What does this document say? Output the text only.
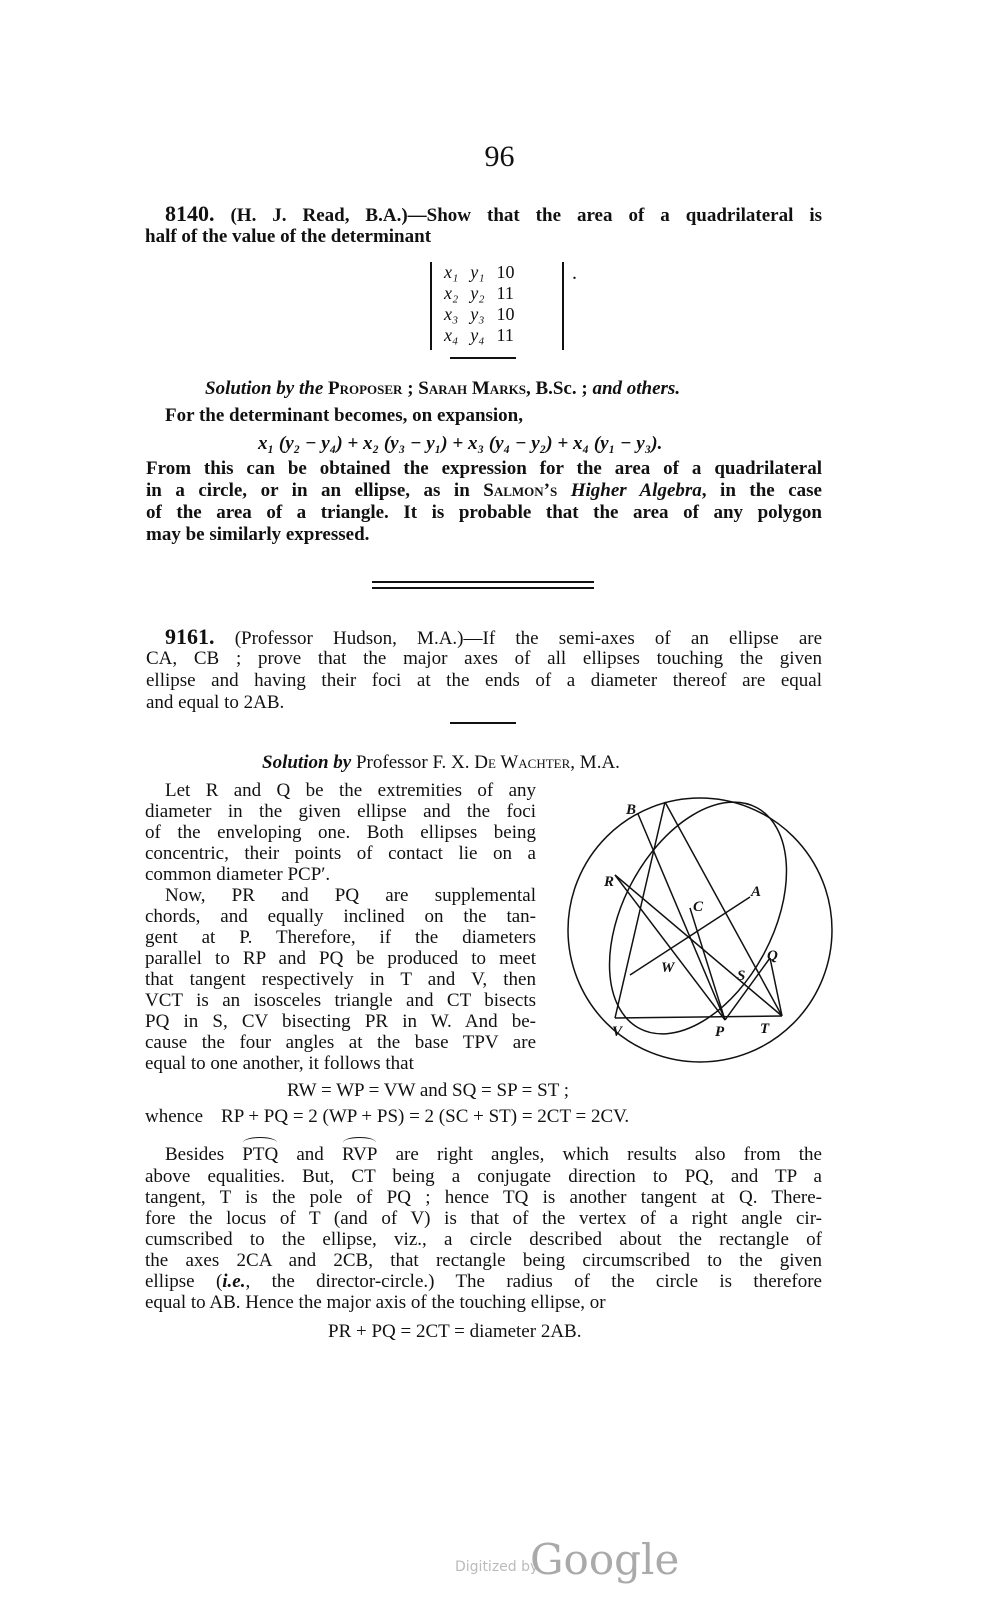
96
8140. (H. J. Read, B.A.)—Show that the area of a quadrilateral is
half of the value of the determinant
x₁	y₁	10
x₂	y₂	11
x₃	y₃	10
x₄	y₄	11
.
Solution by the Proposer ; Sarah Marks, B.Sc. ; and others.
For the determinant becomes, on expansion,
x₁ (y₂ − y₄) + x₂ (y₃ − y₁) + x₃ (y₄ − y₂) + x₄ (y₁ − y₃).
From this can be obtained the expression for the area of a quadrilateral
in a circle, or in an ellipse, as in Salmon’s Higher Algebra, in the case
of the area of a triangle. It is probable that the area of any polygon
may be similarly expressed.
9161. (Professor Hudson, M.A.)—If the semi-axes of an ellipse are
CA, CB ; prove that the major axes of all ellipses touching the given
ellipse and having their foci at the ends of a diameter thereof are equal
and equal to 2AB.
Solution by Professor F. X. De Wachter, M.A.
Let R and Q be the extremities of any
diameter in the given ellipse and the foci
of the enveloping one. Both ellipses being
concentric, their points of contact lie on a
common diameter PCP′.
Now, PR and PQ are supplemental
chords, and equally inclined on the tan-
gent at P. Therefore, if the diameters
parallel to RP and PQ be produced to meet
that tangent respectively in T and V, then
VCT is an isosceles triangle and CT bisects
PQ in S, CV bisecting PR in W. And be-
cause the four angles at the base TPV are
equal to one another, it follows that
B
R
C
A
Q
W	S
V	P T
RW = WP = VW and SQ = SP = ST ;
whence RP + PQ = 2 (WP + PS) = 2 (SC + ST) = 2CT = 2CV.
Besides PTQ and RVP are right angles, which results also from the
above equalities. But, CT being a conjugate direction to PQ, and TP a
tangent, T is the pole of PQ ; hence TQ is another tangent at Q. There-
fore the locus of T (and of V) is that of the vertex of a right angle cir-
cumscribed to the ellipse, viz., a circle described about the rectangle of
the axes 2CA and 2CB, that rectangle being circumscribed to the given
ellipse (i.e., the director-circle.) The radius of the circle is therefore
equal to AB. Hence the major axis of the touching ellipse, or
PR + PQ = 2CT = diameter 2AB.
Digitized by
Google
